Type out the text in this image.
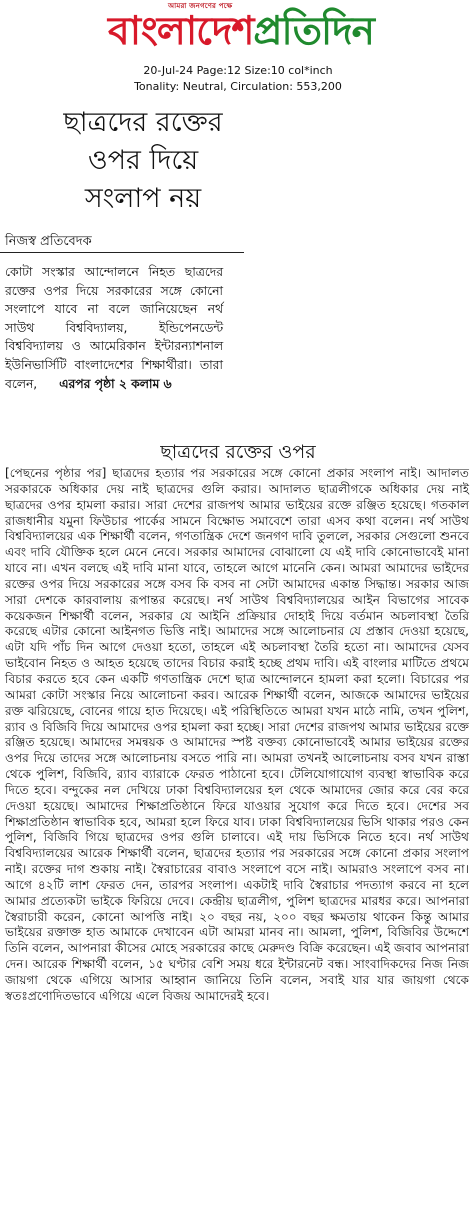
আমরা জনগণের পক্ষে
বাংলাদেশ প্রতিদিন
20-Jul-24 Page:12 Size:10 col*inch
Tonality: Neutral, Circulation: 553,200
ছাত্রদের রক্তের
ওপর দিয়ে
সংলাপ নয়
নিজস্ব প্রতিবেদক
কোটা সংস্কার আন্দোলনে নিহত ছাত্রদের রক্তের ওপর দিয়ে সরকারের সঙ্গে কোনো সংলাপে যাবে না বলে জানিয়েছেন নর্থ সাউথ বিশ্ববিদ্যালয়, ইন্ডিপেনডেন্ট বিশ্ববিদ্যালয় ও আমেরিকান ইন্টারন্যাশনাল ইউনিভার্সিটি বাংলাদেশের শিক্ষার্থীরা। তারা বলেন, এরপর পৃষ্ঠা ২ কলাম ৬
ছাত্রদের রক্তের ওপর
[পেছনের পৃষ্ঠার পর] ছাত্রদের হত্যার পর সরকারের সঙ্গে কোনো প্রকার সংলাপ নাই। আদালত সরকারকে অধিকার দেয় নাই ছাত্রদের গুলি করার। আদালত ছাত্রলীগকে অধিকার দেয় নাই ছাত্রদের ওপর হামলা করার। সারা দেশের রাজপথ আমার ভাইয়ের রক্তে রঞ্জিত হয়েছে। গতকাল রাজধানীর যমুনা ফিউচার পার্কের সামনে বিক্ষোভ সমাবেশে তারা এসব কথা বলেন। নর্থ সাউথ বিশ্ববিদ্যালয়ের এক শিক্ষার্থী বলেন, গণতান্ত্রিক দেশে জনগণ দাবি তুললে, সরকার সেগুলো শুনবে এবং দাবি যৌক্তিক হলে মেনে নেবে। সরকার আমাদের বোঝালো যে এই দাবি কোনোভাবেই মানা যাবে না। এখন বলছে এই দাবি মানা যাবে, তাহলে আগে মানেনি কেন। আমরা আমাদের ভাইদের রক্তের ওপর দিয়ে সরকারের সঙ্গে বসব কি বসব না সেটা আমাদের একান্ত সিদ্ধান্ত। সরকার আজ সারা দেশকে কারবালায় রূপান্তর করেছে। নর্থ সাউথ বিশ্ববিদ্যালয়ের আইন বিভাগের সাবেক কয়েকজন শিক্ষার্থী বলেন, সরকার যে আইনি প্রক্রিয়ার দোহাই দিয়ে বর্তমান অচলাবস্থা তৈরি করেছে এটার কোনো আইনগত ভিত্তি নাই। আমাদের সঙ্গে আলোচনার যে প্রস্তাব দেওয়া হয়েছে, এটা যদি পাঁচ দিন আগে দেওয়া হতো, তাহলে এই অচলাবস্থা তৈরি হতো না। আমাদের যেসব ভাইবোন নিহত ও আহত হয়েছে তাদের বিচার করাই হচ্ছে প্রথম দাবি। এই বাংলার মাটিতে প্রথমে বিচার করতে হবে কেন একটি গণতান্ত্রিক দেশে ছাত্র আন্দোলনে হামলা করা হলো। বিচারের পর আমরা কোটা সংস্কার নিয়ে আলোচনা করব। আরেক শিক্ষার্থী বলেন, আজকে আমাদের ভাইয়ের রক্ত ঝরিয়েছে, বোনের গায়ে হাত দিয়েছে। এই পরিস্থিতিতে আমরা যখন মাঠে নামি, তখন পুলিশ, র‍্যাব ও বিজিবি দিয়ে আমাদের ওপর হামলা করা হচ্ছে। সারা দেশের রাজপথ আমার ভাইয়ের রক্তে রঞ্জিত হয়েছে। আমাদের সমন্বয়ক ও আমাদের স্পষ্ট বক্তব্য কোনোভাবেই আমার ভাইয়ের রক্তের ওপর দিয়ে তাদের সঙ্গে আলোচনায় বসতে পারি না। আমরা তখনই আলোচনায় বসব যখন রাস্তা থেকে পুলিশ, বিজিবি, র‍্যাব ব্যারাকে ফেরত পাঠানো হবে। টেলিযোগাযোগ ব্যবস্থা স্বাভাবিক করে দিতে হবে। বন্দুকের নল দেখিয়ে ঢাকা বিশ্ববিদ্যালয়ের হল থেকে আমাদের জোর করে বের করে দেওয়া হয়েছে। আমাদের শিক্ষাপ্রতিষ্ঠানে ফিরে যাওয়ার সুযোগ করে দিতে হবে। দেশের সব শিক্ষাপ্রতিষ্ঠান স্বাভাবিক হবে, আমরা হলে ফিরে যাব। ঢাকা বিশ্ববিদ্যালয়ের ভিসি থাকার পরও কেন পুলিশ, বিজিবি গিয়ে ছাত্রদের ওপর গুলি চালাবে। এই দায় ভিসিকে নিতে হবে। নর্থ সাউথ বিশ্ববিদ্যালয়ের আরেক শিক্ষার্থী বলেন, ছাত্রদের হত্যার পর সরকারের সঙ্গে কোনো প্রকার সংলাপ নাই। রক্তের দাগ শুকায় নাই। স্বৈরাচারের বাবাও সংলাপে বসে নাই। আমরাও সংলাপে বসব না। আগে ৪২টি লাশ ফেরত দেন, তারপর সংলাপ। একটাই দাবি স্বৈরাচার পদত্যাগ করবে না হলে আমার প্রত্যেকটা ভাইকে ফিরিয়ে দেবে। কেন্দ্রীয় ছাত্রলীগ, পুলিশ ছাত্রদের মারধর করে। আপনারা স্বৈরাচারী করেন, কোনো আপত্তি নাই। ২০ বছর নয়, ২০০ বছর ক্ষমতায় থাকেন কিন্তু আমার ভাইয়ের রক্তাক্ত হাত আমাকে দেখাবেন এটা আমরা মানব না। আমলা, পুলিশ, বিজিবির উদ্দেশে তিনি বলেন, আপনারা কীসের মোহে সরকারের কাছে মেরুদণ্ড বিক্রি করেছেন। এই জবাব আপনারা দেন। আরেক শিক্ষার্থী বলেন, ১৫ ঘণ্টার বেশি সময় ধরে ইন্টারনেট বন্ধ। সাংবাদিকদের নিজ নিজ জায়গা থেকে এগিয়ে আসার আহ্বান জানিয়ে তিনি বলেন, সবাই যার যার জায়গা থেকে স্বতঃপ্রণোদিতভাবে এগিয়ে এলে বিজয় আমাদেরই হবে।
